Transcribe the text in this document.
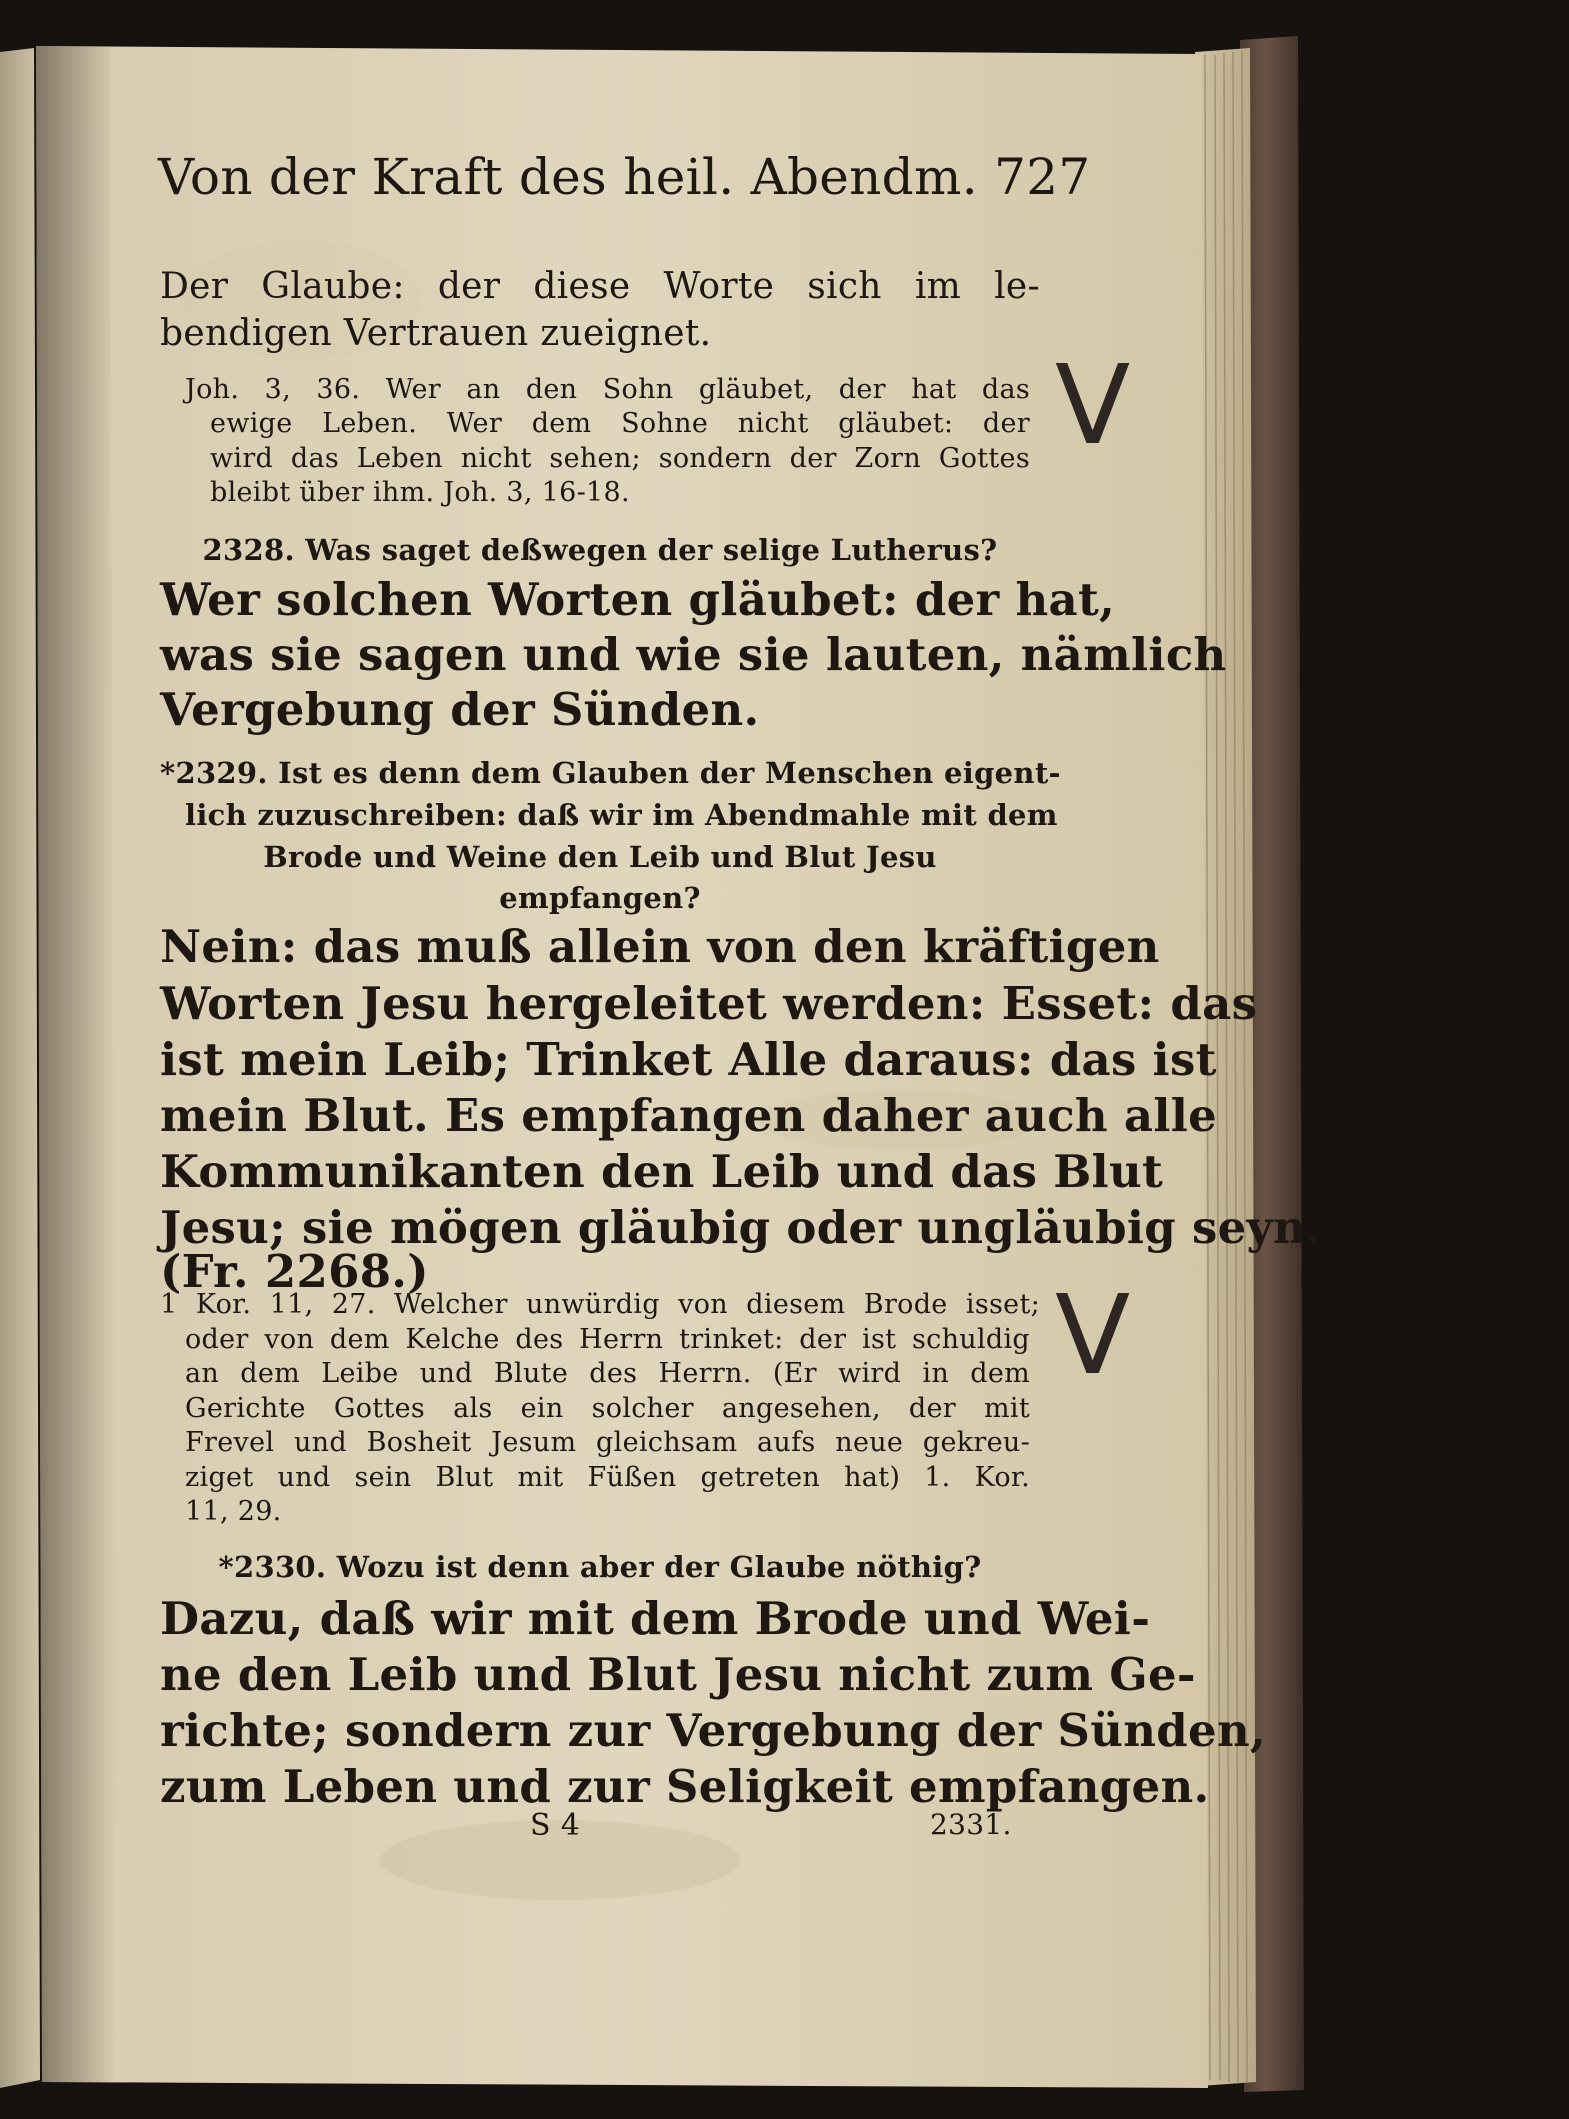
Von der Kraft des heil. Abendm. 727
Der Glaube: der diese Worte sich im le-
bendigen Vertrauen zueignet.
Joh. 3, 36. Wer an den Sohn gläubet, der hat das
ewige Leben. Wer dem Sohne nicht gläubet: der
wird das Leben nicht sehen; sondern der Zorn Gottes
bleibt über ihm. Joh. 3, 16-18.
2328. Was saget deßwegen der selige Lutherus?
Wer solchen Worten gläubet: der hat,
was sie sagen und wie sie lauten, nämlich
Vergebung der Sünden.
*2329. Ist es denn dem Glauben der Menschen eigent-
lich zuzuschreiben: daß wir im Abendmahle mit dem
Brode und Weine den Leib und Blut Jesu
empfangen?
Nein: das muß allein von den kräftigen
Worten Jesu hergeleitet werden: Esset: das
ist mein Leib; Trinket Alle daraus: das ist
mein Blut. Es empfangen daher auch alle
Kommunikanten den Leib und das Blut
Jesu; sie mögen gläubig oder ungläubig seyn.
(Fr. 2268.)
1 Kor. 11, 27. Welcher unwürdig von diesem Brode isset;
oder von dem Kelche des Herrn trinket: der ist schuldig
an dem Leibe und Blute des Herrn. (Er wird in dem
Gerichte Gottes als ein solcher angesehen, der mit
Frevel und Bosheit Jesum gleichsam aufs neue gekreu-
ziget und sein Blut mit Füßen getreten hat) 1. Kor.
11, 29.
*2330. Wozu ist denn aber der Glaube nöthig?
Dazu, daß wir mit dem Brode und Wei-
ne den Leib und Blut Jesu nicht zum Ge-
richte; sondern zur Vergebung der Sünden,
zum Leben und zur Seligkeit empfangen.
S 4	2331.
V
V
